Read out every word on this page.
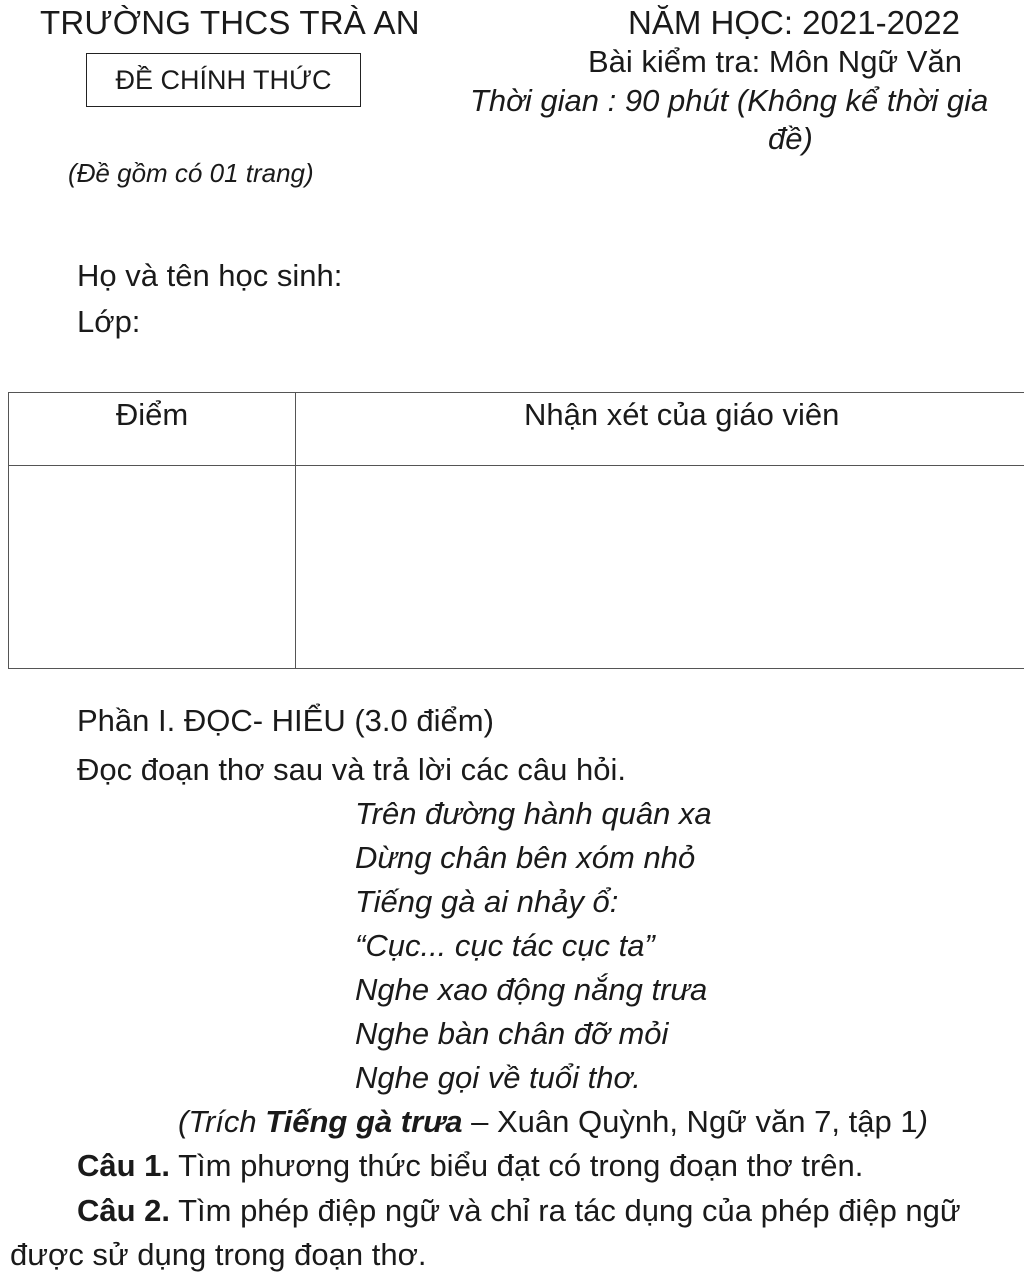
TRƯỜNG THCS TRÀ AN	NĂM HỌC: 2021-2022
ĐỀ CHÍNH THỨC
Bài kiểm tra: Môn Ngữ Văn
Thời gian : 90 phút (Không kể thời gia
đề)
(Đề gồm có 01 trang)
Họ và tên học sinh:
Lớp:
Điểm	Nhận xét của giáo viên

Phần I. ĐỌC- HIỂU (3.0 điểm)
Đọc đoạn thơ sau và trả lời các câu hỏi.
Trên đường hành quân xa
Dừng chân bên xóm nhỏ
Tiếng gà ai nhảy ổ:
“Cục... cục tác cục ta”
Nghe xao động nắng trưa
Nghe bàn chân đỡ mỏi
Nghe gọi về tuổi thơ.
(Trích Tiếng gà trưa – Xuân Quỳnh, Ngữ văn 7, tập 1)
Câu 1. Tìm phương thức biểu đạt có trong đoạn thơ trên.
Câu 2. Tìm phép điệp ngữ và chỉ ra tác dụng của phép điệp ngữ
được sử dụng trong đoạn thơ.
